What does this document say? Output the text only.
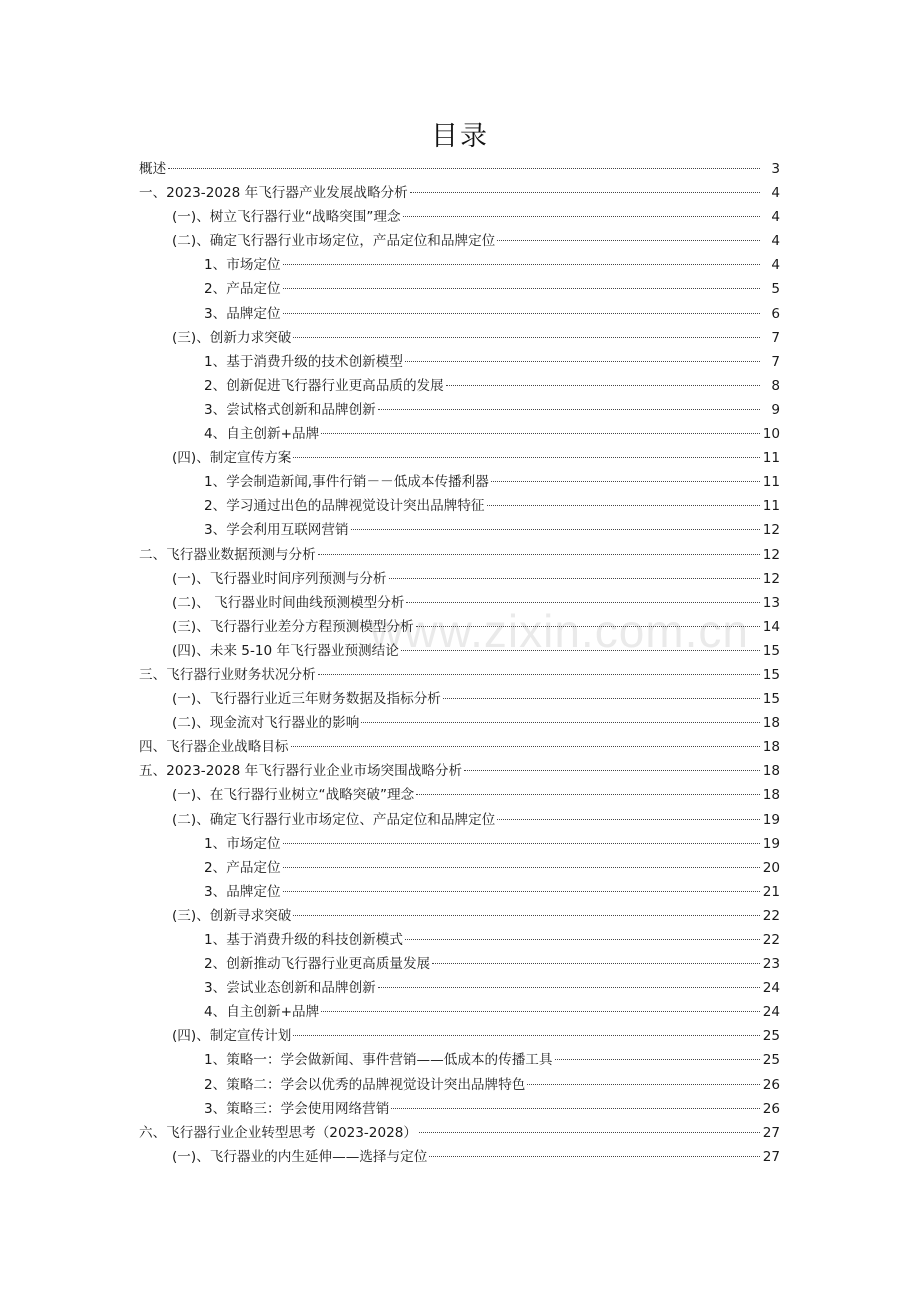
目录
www.zixin.com.cn
概述	3
一、2023-2028 年飞行器产业发展战略分析	4
(一)、树立飞行器行业“战略突围”理念	4
(二)、确定飞行器行业市场定位，产品定位和品牌定位	4
1、市场定位	4
2、产品定位	5
3、品牌定位	6
(三)、创新力求突破	7
1、基于消费升级的技术创新模型	7
2、创新促进飞行器行业更高品质的发展	8
3、尝试格式创新和品牌创新	9
4、自主创新+品牌	10
(四)、制定宣传方案	11
1、学会制造新闻,事件行销－－低成本传播利器	11
2、学习通过出色的品牌视觉设计突出品牌特征	11
3、学会利用互联网营销	12
二、飞行器业数据预测与分析	12
(一)、飞行器业时间序列预测与分析	12
(二)、 飞行器业时间曲线预测模型分析	13
(三)、飞行器行业差分方程预测模型分析	14
(四)、未来 5-10 年飞行器业预测结论	15
三、飞行器行业财务状况分析	15
(一)、飞行器行业近三年财务数据及指标分析	15
(二)、现金流对飞行器业的影响	18
四、飞行器企业战略目标	18
五、2023-2028 年飞行器行业企业市场突围战略分析	18
(一)、在飞行器行业树立“战略突破”理念	18
(二)、确定飞行器行业市场定位、产品定位和品牌定位	19
1、市场定位	19
2、产品定位	20
3、品牌定位	21
(三)、创新寻求突破	22
1、基于消费升级的科技创新模式	22
2、创新推动飞行器行业更高质量发展	23
3、尝试业态创新和品牌创新	24
4、自主创新+品牌	24
(四)、制定宣传计划	25
1、策略一：学会做新闻、事件营销——低成本的传播工具	25
2、策略二：学会以优秀的品牌视觉设计突出品牌特色	26
3、策略三：学会使用网络营销	26
六、飞行器行业企业转型思考（2023-2028）	27
(一)、飞行器业的内生延伸——选择与定位	27
